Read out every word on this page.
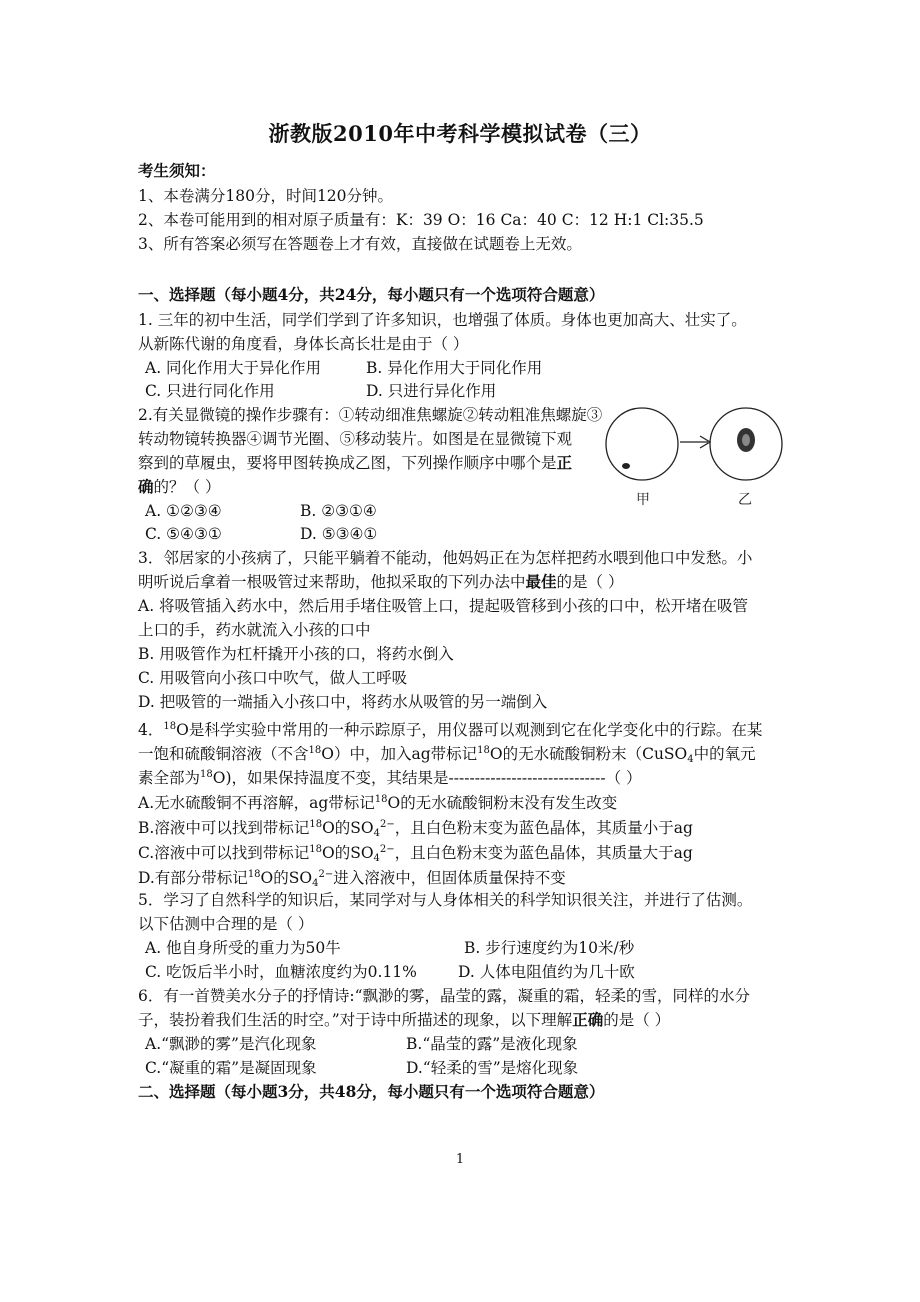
浙教版2010年中考科学模拟试卷（三）
考生须知：
1、本卷满分180分，时间120分钟。
2、本卷可能用到的相对原子质量有：K：39 O：16 Ca：40 C：12 H:1 Cl:35.5
3、所有答案必须写在答题卷上才有效，直接做在试题卷上无效。
一、选择题（每小题4分，共24分，每小题只有一个选项符合题意）
1. 三年的初中生活，同学们学到了许多知识，也增强了体质。身体也更加高大、壮实了。
从新陈代谢的角度看，身体长高长壮是由于（ ）
A. 同化作用大于异化作用	B. 异化作用大于同化作用
C. 只进行同化作用	D. 只进行异化作用
2.有关显微镜的操作步骤有：①转动细准焦螺旋②转动粗准焦螺旋③
转动物镜转换器④调节光圈、⑤移动装片。如图是在显微镜下观
察到的草履虫，要将甲图转换成乙图，下列操作顺序中哪个是正
确的？（ ）
A. ①②③④	B. ②③①④
C. ⑤④③①	D. ⑤③④①
甲	乙
3．邻居家的小孩病了，只能平躺着不能动，他妈妈正在为怎样把药水喂到他口中发愁。小
明听说后拿着一根吸管过来帮助，他拟采取的下列办法中最佳的是（ ）
A. 将吸管插入药水中，然后用手堵住吸管上口，提起吸管移到小孩的口中，松开堵在吸管
上口的手，药水就流入小孩的口中
B. 用吸管作为杠杆撬开小孩的口，将药水倒入
C. 用吸管向小孩口中吹气，做人工呼吸
D. 把吸管的一端插入小孩口中，将药水从吸管的另一端倒入
4．$^{18}$O是科学实验中常用的一种示踪原子，用仪器可以观测到它在化学变化中的行踪。在某
一饱和硫酸铜溶液（不含$^{18}$O）中，加入ag带标记$^{18}$O的无水硫酸铜粉末（CuSO$_4$中的氧元
素全部为$^{18}$O)，如果保持温度不变，其结果是------------------------------（ ）
A.无水硫酸铜不再溶解，ag带标记$^{18}$O的无水硫酸铜粉末没有发生改变
B.溶液中可以找到带标记$^{18}$O的$SO_4^{2-}$，且白色粉末变为蓝色晶体，其质量小于ag
C.溶液中可以找到带标记$^{18}$O的$SO_4^{2-}$，且白色粉末变为蓝色晶体，其质量大于ag
D.有部分带标记$^{18}$O的$SO_4^{2-}$进入溶液中，但固体质量保持不变
5．学习了自然科学的知识后，某同学对与人身体相关的科学知识很关注，并进行了估测。
以下估测中合理的是（ ）
A. 他自身所受的重力为50牛	B. 步行速度约为10米/秒
C. 吃饭后半小时，血糖浓度约为0.11%	D. 人体电阻值约为几十欧
6．有一首赞美水分子的抒情诗:“飘渺的雾，晶莹的露，凝重的霜，轻柔的雪，同样的水分
子，装扮着我们生活的时空。”对于诗中所描述的现象，以下理解正确的是（ ）
A.“飘渺的雾”是汽化现象	B.“晶莹的露”是液化现象
C.“凝重的霜”是凝固现象	D.“轻柔的雪”是熔化现象
二、选择题（每小题3分，共48分，每小题只有一个选项符合题意）
1
